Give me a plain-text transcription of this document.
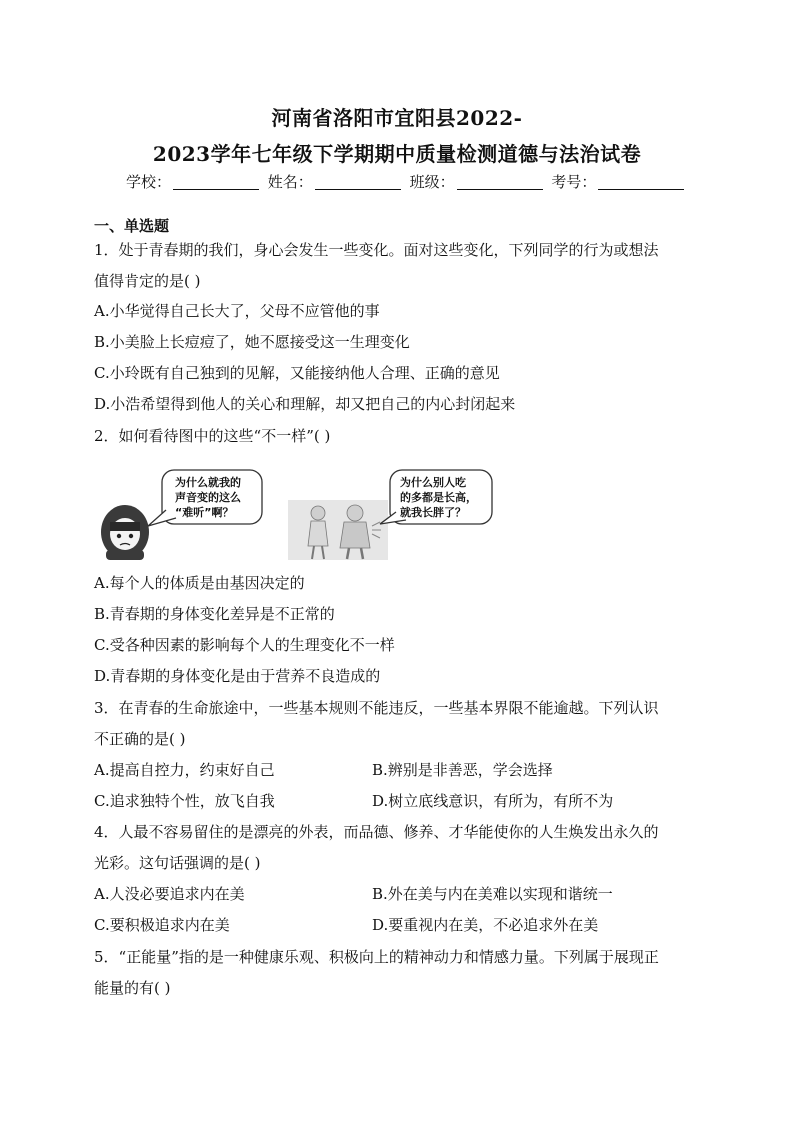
河南省洛阳市宜阳县2022-
2023学年七年级下学期期中质量检测道德与法治试卷
学校：	姓名：	班级：	考号：
一、单选题
1．处于青春期的我们，身心会发生一些变化。面对这些变化，下列同学的行为或想法
值得肯定的是( )
A.小华觉得自己长大了，父母不应管他的事
B.小美脸上长痘痘了，她不愿接受这一生理变化
C.小玲既有自己独到的见解，又能接纳他人合理、正确的意见
D.小浩希望得到他人的关心和理解，却又把自己的内心封闭起来
2．如何看待图中的这些“不一样”( )
为什么就我的
声音变的这么
“难听”啊？
为什么别人吃
的多都是长高，
就我长胖了？
A.每个人的体质是由基因决定的
B.青春期的身体变化差异是不正常的
C.受各种因素的影响每个人的生理变化不一样
D.青春期的身体变化是由于营养不良造成的
3．在青春的生命旅途中，一些基本规则不能违反，一些基本界限不能逾越。下列认识
不正确的是( )
A.提高自控力，约束好自己	B.辨别是非善恶，学会选择
C.追求独特个性，放飞自我	D.树立底线意识，有所为，有所不为
4．人最不容易留住的是漂亮的外表，而品德、修养、才华能使你的人生焕发出永久的
光彩。这句话强调的是( )
A.人没必要追求内在美	B.外在美与内在美难以实现和谐统一
C.要积极追求内在美	D.要重视内在美，不必追求外在美
5．“正能量”指的是一种健康乐观、积极向上的精神动力和情感力量。下列属于展现正
能量的有( )
